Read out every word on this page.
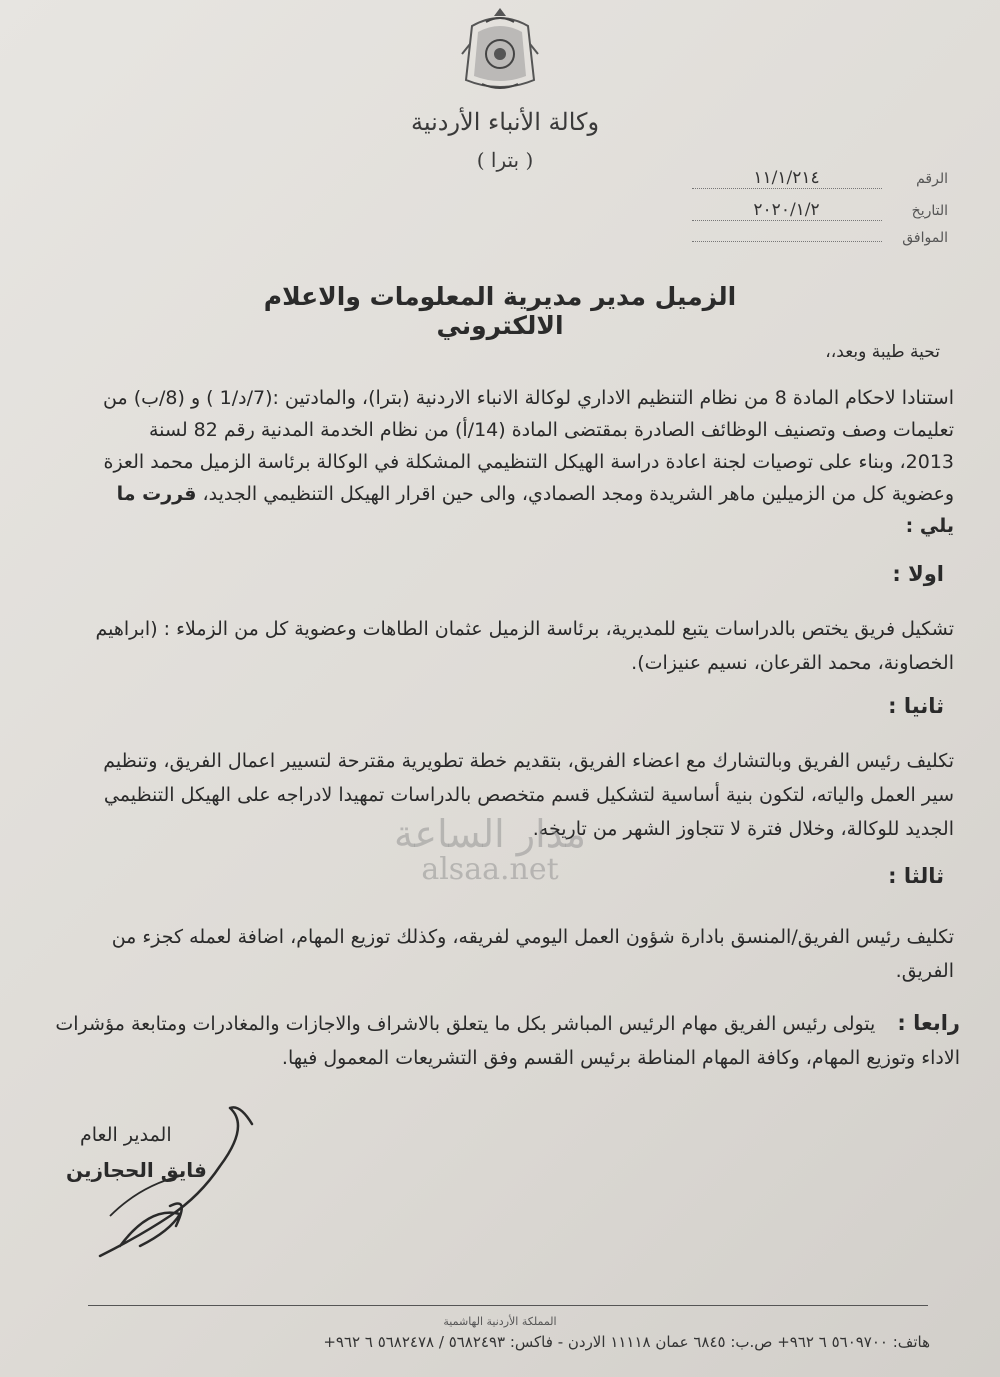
وكالة الأنباء الأردنية
( بترا )
الرقم ١١/١/٢١٤
التاريخ ٢٠٢٠/١/٢
الموافق
الزميل مدير مديرية المعلومات والاعلام الالكتروني
تحية طيبة وبعد،،
استنادا لاحكام المادة 8 من نظام التنظيم الاداري لوكالة الانباء الاردنية (بترا)، والمادتين :(7/د/1 ) و (8/ب) من تعليمات وصف وتصنيف الوظائف الصادرة بمقتضى المادة (14/أ) من نظام الخدمة المدنية رقم 82 لسنة 2013، وبناء على توصيات لجنة اعادة دراسة الهيكل التنظيمي المشكلة في الوكالة برئاسة الزميل محمد العزة وعضوية كل من الزميلين ماهر الشريدة ومجد الصمادي، والى حين اقرار الهيكل التنظيمي الجديد، قررت ما يلي :
اولا :
تشكيل فريق يختص بالدراسات يتبع للمديرية، برئاسة الزميل عثمان الطاهات وعضوية كل من الزملاء : (ابراهيم الخصاونة، محمد القرعان، نسيم عنيزات).
ثانيا :
تكليف رئيس الفريق وبالتشارك مع اعضاء الفريق، بتقديم خطة تطويرية مقترحة لتسيير اعمال الفريق، وتنظيم سير العمل والياته، لتكون بنية أساسية لتشكيل قسم متخصص بالدراسات تمهيدا لادراجه على الهيكل التنظيمي الجديد للوكالة، وخلال فترة لا تتجاوز الشهر من تاريخه.
ثالثا :
تكليف رئيس الفريق/المنسق بادارة شؤون العمل اليومي لفريقه، وكذلك توزيع المهام، اضافة لعمله كجزء من الفريق.
رابعا : يتولى رئيس الفريق مهام الرئيس المباشر بكل ما يتعلق بالاشراف والاجازات والمغادرات ومتابعة مؤشرات الاداء وتوزيع المهام، وكافة المهام المناطة برئيس القسم وفق التشريعات المعمول فيها.
مدار الساعة
alsaa.net
المدير العام
فايق الحجازين
المملكة الأردنية الهاشمية
هاتف: ٥٦٠٩٧٠٠ ٦ ٩٦٢+ ص.ب: ٦٨٤٥ عمان ١١١١٨ الاردن - فاكس: ٥٦٨٢٤٩٣ / ٥٦٨٢٤٧٨ ٦ ٩٦٢+
